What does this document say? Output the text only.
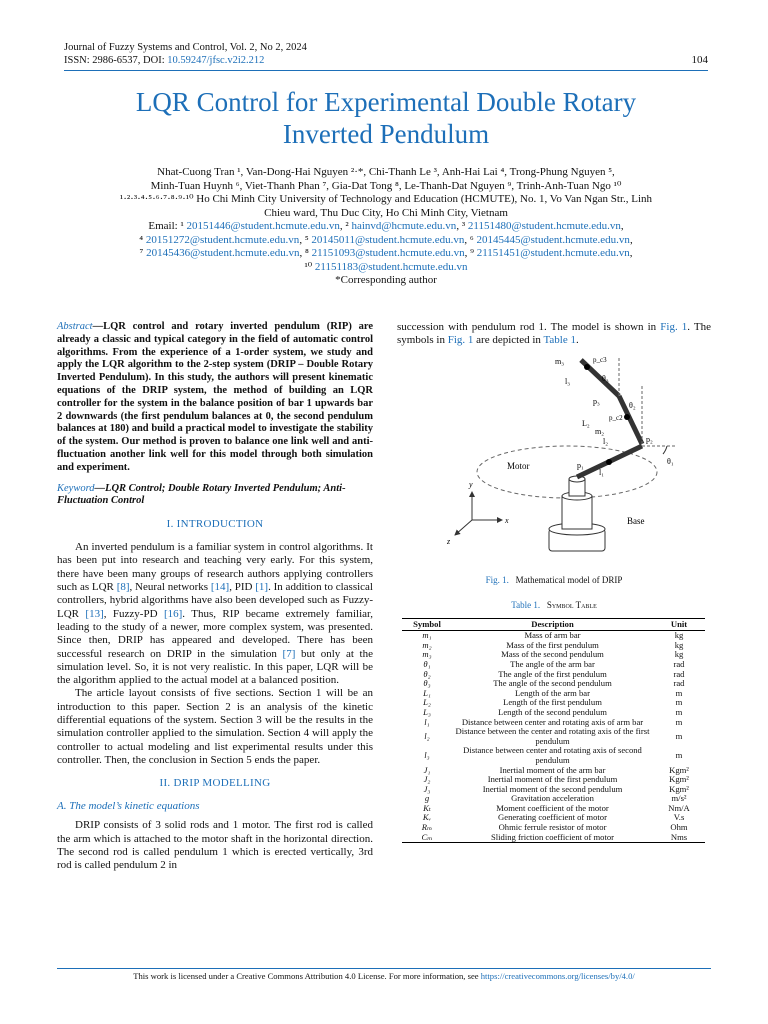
Journal of Fuzzy Systems and Control, Vol. 2, No 2, 2024
ISSN: 2986-6537, DOI: 10.59247/jfsc.v2i2.212	104
LQR Control for Experimental Double Rotary
Inverted Pendulum
Nhat-Cuong Tran ¹, Van-Dong-Hai Nguyen ²·*, Chi-Thanh Le ³, Anh-Hai Lai ⁴, Trong-Phung Nguyen ⁵,
Minh-Tuan Huynh ⁶, Viet-Thanh Phan ⁷, Gia-Dat Tong ⁸, Le-Thanh-Dat Nguyen ⁹, Trinh-Anh-Tuan Ngo ¹⁰
¹·²·³·⁴·⁵·⁶·⁷·⁸·⁹·¹⁰ Ho Chi Minh City University of Technology and Education (HCMUTE), No. 1, Vo Van Ngan Str., Linh
Chieu ward, Thu Duc City, Ho Chi Minh City, Vietnam
Email: ¹ 20151446@student.hcmute.edu.vn, ² hainvd@hcmute.edu.vn, ³ 21151480@student.hcmute.edu.vn,
⁴ 20151272@student.hcmute.edu.vn, ⁵ 20145011@student.hcmute.edu.vn, ⁶ 20145445@student.hcmute.edu.vn,
⁷ 20145436@student.hcmute.edu.vn, ⁸ 21151093@student.hcmute.edu.vn, ⁹ 21151451@student.hcmute.edu.vn,
¹⁰ 21151183@student.hcmute.edu.vn
*Corresponding author

Abstract—LQR control and rotary inverted pendulum (RIP) are already a classic and typical category in the field of automatic control algorithms. From the experience of a 1-order system, we study and apply the LQR algorithm to the 2-step system (DRIP – Double Rotary Inverted Pendulum). In this study, the authors will present kinematic equations of the DRIP system, the method of building an LQR controller for the system in the balance position of bar 1 upwards bar 2 downwards (the first pendulum balances at 0, the second pendulum balances at 180) and build a practical model to investigate the stability of the system. Our method is proven to balance one link well and anti-fluctuation another link well for this model through both simulation and experiment.

Keyword—LQR Control; Double Rotary Inverted Pendulum; Anti-Fluctuation Control

I. INTRODUCTION

An inverted pendulum is a familiar system in control algorithms. It has been put into research and teaching very early. For this system, there have been many groups of research authors applying controllers such as LQR [8], Neural networks [14], PID [1]. In addition to classical controllers, hybrid algorithms have also been developed such as Fuzzy-LQR [13], Fuzzy-PD [16]. Thus, RIP became extremely familiar, leading to the study of a newer, more complex system, was presented. Since then, DRIP has appeared and developed. There has been successful research on DRIP in the simulation [7] but only at the simulation level. So, it is not very realistic. In this paper, LQR will be the algorithm applied to the actual model at a balanced position.

The article layout consists of five sections. Section 1 will be an introduction to this paper. Section 2 is an analysis of the kinetic differential equations of the system. Section 3 will be the results in the simulation controller applied to the simulation. Section 4 will apply the controller to actual modeling and list experimental results under this controller. Then, the conclusion in Section 5 ends the paper.

II. DRIP MODELLING
A. The model’s kinetic equations

DRIP consists of 3 solid rods and 1 motor. The first rod is called the arm which is attached to the motor shaft in the horizontal direction. The second rod is called pendulum 1 which is erected vertically, 3rd rod is called pendulum 2 in

succession with pendulum rod 1. The model is shown in Fig. 1. The symbols in Fig. 1 are depicted in Table 1.

y
x
z
Motor
Base
m₃	p_c3
l₃	θ₃
p₃
L₂
m₂
p_c2
θ₂
l₂	p₂
p₁	θ₁
l₁
Fig. 1. Mathematical model of DRIP
Table 1. Symbol Table
Symbol	Description	Unit
m₁	Mass of arm bar	kg
m₂	Mass of the first pendulum	kg
m₃	Mass of the second pendulum	kg
θ₁	The angle of the arm bar	rad
θ₂	The angle of the first pendulum	rad
θ₃	The angle of the second pendulum	rad
L₁	Length of the arm bar	m
L₂	Length of the first pendulum	m
L₃	Length of the second pendulum	m
l₁	Distance between center and rotating axis of arm bar	m
l₂	Distance between the center and rotating axis of the first pendulum	m
l₃	Distance between center and rotating axis of second pendulum	m
J₁	Inertial moment of the arm bar	Kgm²
J₂	Inertial moment of the first pendulum	Kgm²
J₃	Inertial moment of the second pendulum	Kgm²
g	Gravitation acceleration	m/s²
Kₜ	Moment coefficient of the motor	Nm/A
Kᵥ	Generating coefficient of motor	V.s
Rₘ	Ohmic ferrule resistor of motor	Ohm
Cₘ	Sliding friction coefficient of motor	Nms
This work is licensed under a Creative Commons Attribution 4.0 License. For more information, see https://creativecommons.org/licenses/by/4.0/
